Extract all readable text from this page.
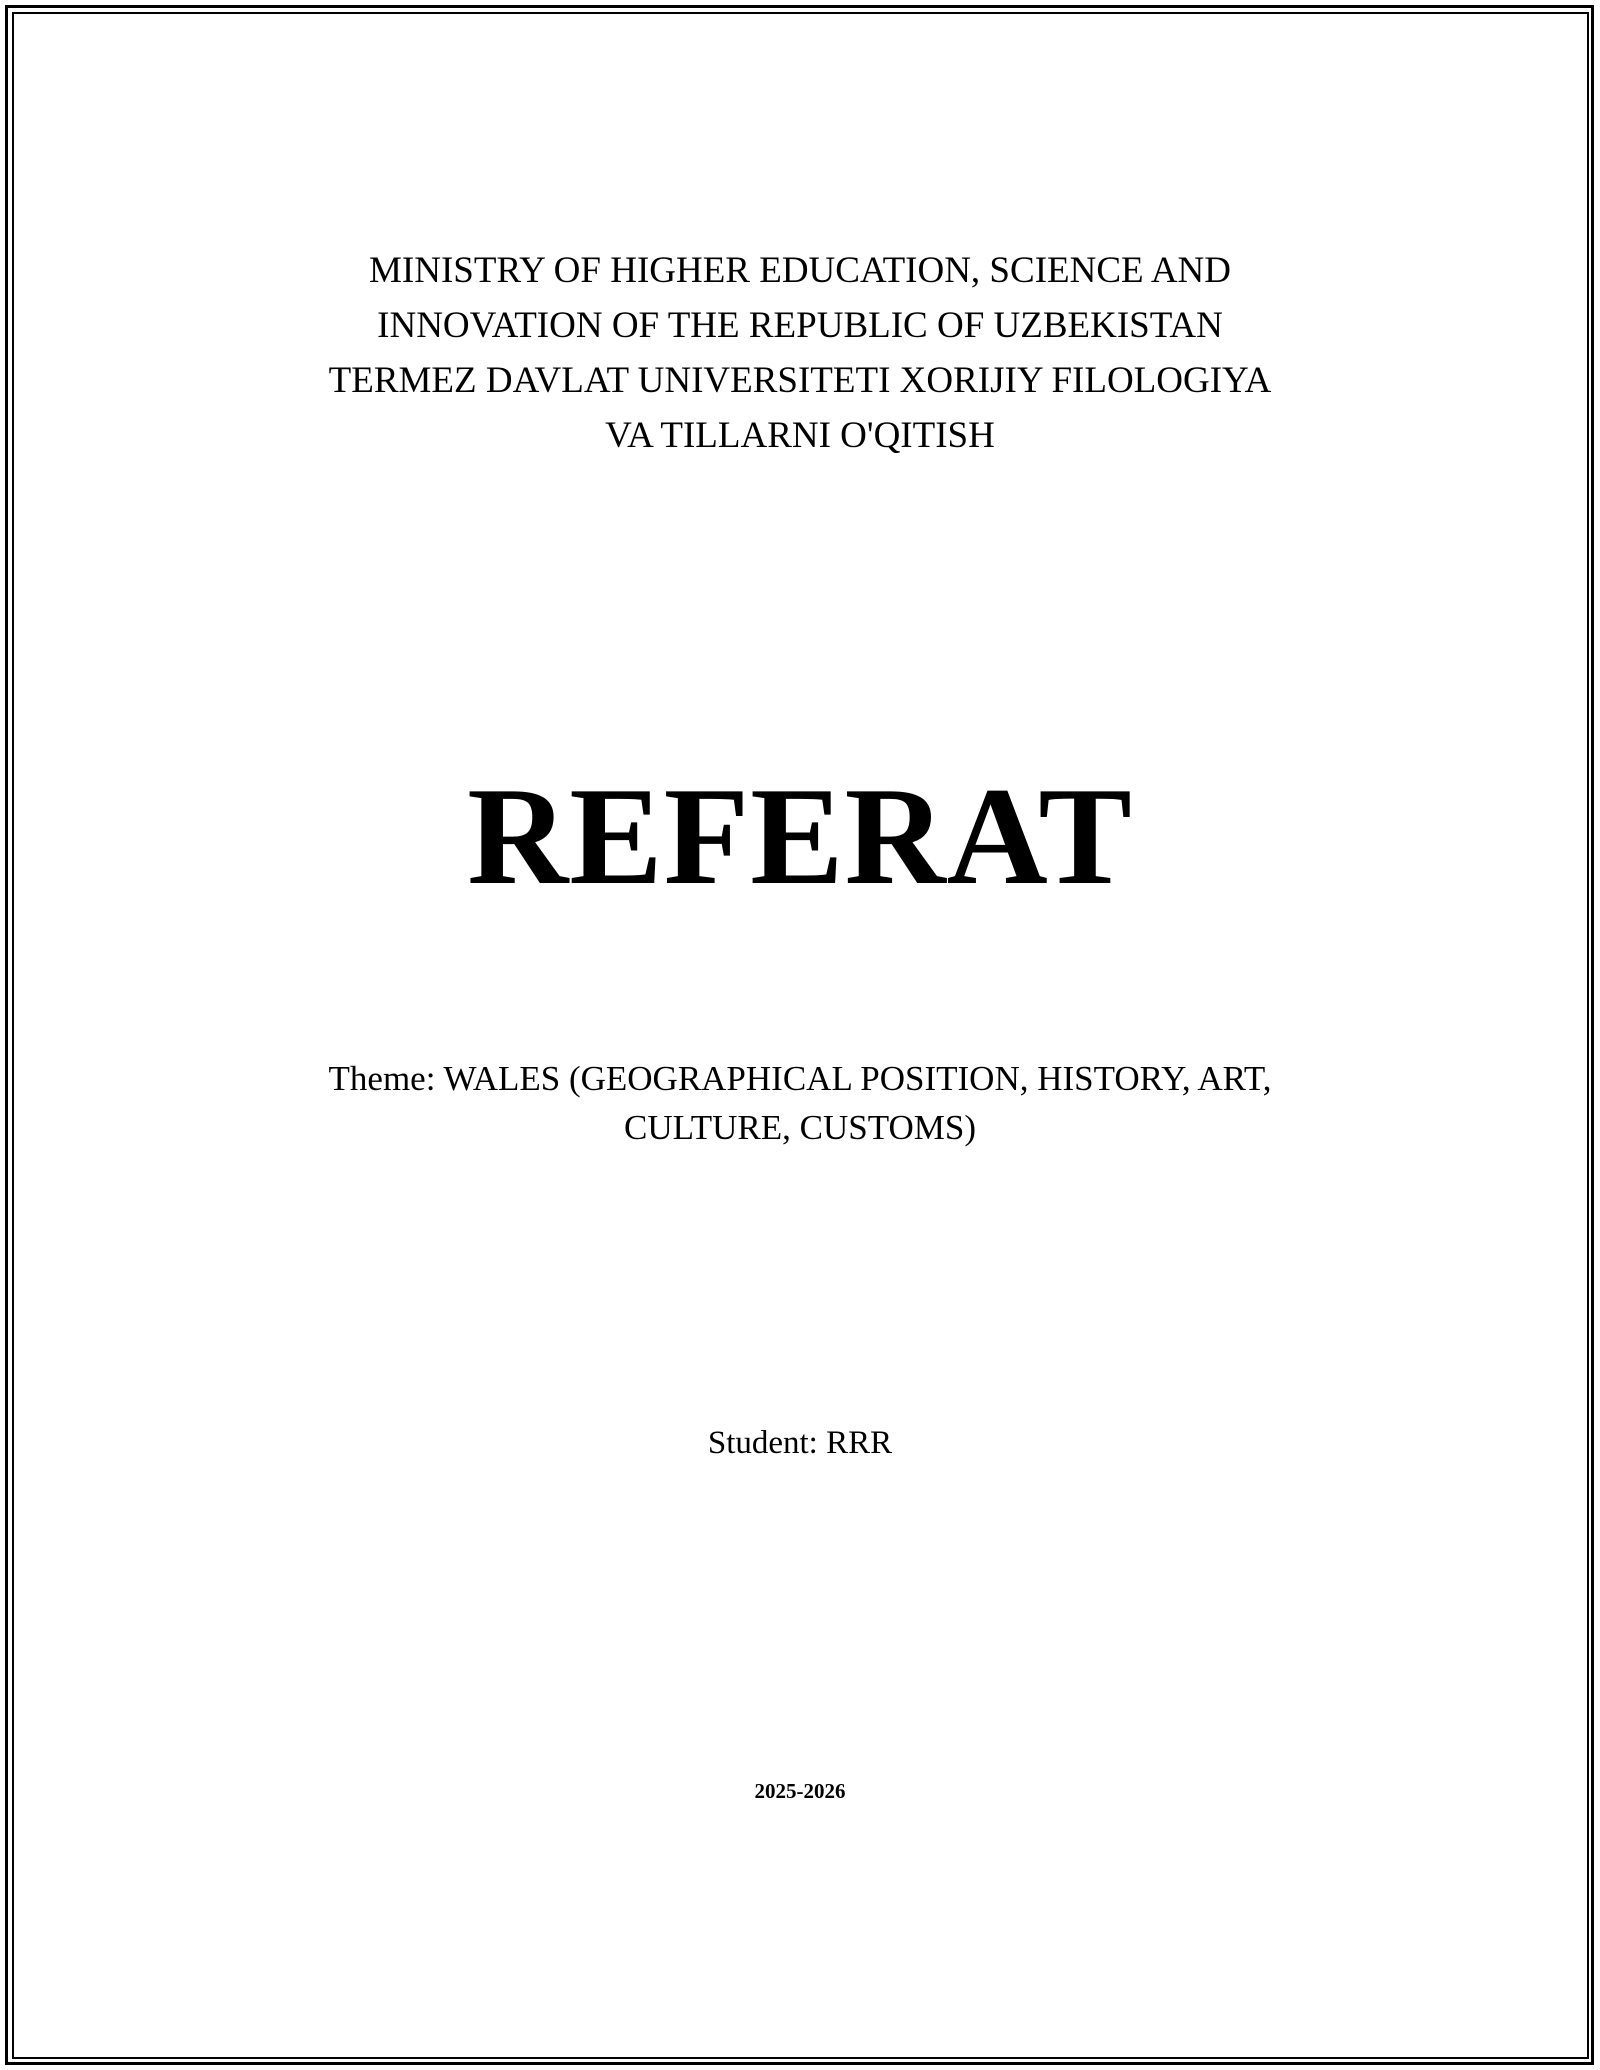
MINISTRY OF HIGHER EDUCATION, SCIENCE AND
INNOVATION OF THE REPUBLIC OF UZBEKISTAN
TERMEZ DAVLAT UNIVERSITETI XORIJIY FILOLOGIYA
VA TILLARNI O'QITISH
REFERAT
Theme: WALES (GEOGRAPHICAL POSITION, HISTORY, ART,
CULTURE, CUSTOMS)
Student: RRR
2025-2026
